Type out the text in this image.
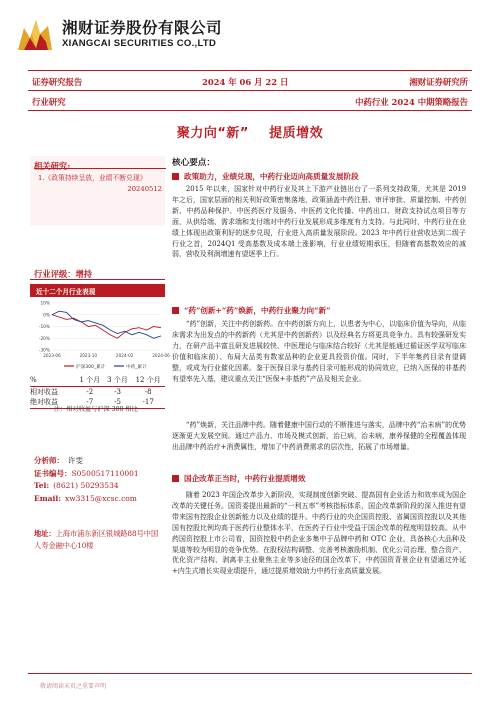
湘财证券股份有限公司
XIANGCAI SECURITIES CO.,LTD
证券研究报告	2024 年 06 月 22 日	湘财证券研究所
行业研究	中药行业 2024 中期策略报告
聚力向“新”    提质增效
相关研究:
1.《政策持续呈放，业绩不断兑现》

20240512
行业评级：增持
近十二个月行业表现
10%
0%
-10%
-20%
-30%
2023-06	2023-10	2024-02	2024-06
沪深300_累计	中药_累计
%	1 个月	3 个月	12 个月
相对收益	-2	-3	-8
绝对收益	-7	-5	-17
注：相对收益与沪深 300 相比
分析师： 许雯
证书编号：S0500517110001
Tel: (8621) 50293534
Email: xw3315@xcsc.com
地址：上海市浦东新区银城路88号中国人寿金融中心10楼
核心要点：
政策助力，业绩兑现，中药行业迈向高质量发展阶段
2015 年以来，国家针对中药行业及其上下游产业链出台了一系列支持政策，尤其是 2019 年之后，国家层面的相关利好政策密集落地，政策涵盖中药注册、审评审批、质量控制、中药创新、中药品种保护、中医药医疗及服务、中医药文化传播、中药出口、财政支持试点项目等方面，从供给端、需求端和支付端对中药行业发展形成多维度有力支持。与此同时，中药行业在业绩上体现出政策利好的逐步兑现，行业进入高质量发展阶段。2023 年中药行业营收达到二级子行业之首，2024Q1 受高基数及成本端上涨影响，行业业绩短期承压，但随着高基数效应的减弱，营收及利润增速有望逐季上行。
“药”创新+“药”焕新，中药行业聚力向“新”
“药”创新，关注中药创新药。在中药创新方向上，以患者为中心，以临床价值为导向，从临床需求为出发点的中药新药（尤其是中药创新药）以及经典名方将更具竞争力。具有较强研发实力，在研产品丰富且研发进展较快、中医理论与临床结合较好（尤其是能通过循证医学双写临床价值和临床前）、布局大品类有数家品种的企业更具投资价值。同时，下半年集药目录有望调整，或成为行业催化因素。鉴于医保目录与基药目录可能形成的协同效应，已纳入医保的非基药有望率先入基，建议重点关注“医保+非基药”产品及相关企业。
“药”焕新，关注品牌中药。随着健康中国行动的不断推进与落实，品牌中药“治未病”的优势逐渐更大发展空间。通过产品力、市场及模式创新，治已病，治未病，康养保健的全程覆盖体现出品牌中药治疗+消费属性，增加了中药消费需求的层次性，拓展了市场增量。
国企改革正当时，中药行业提质增效
随着 2023 年国企改革步入新阶段，实现制度创新突破、提高国有企业活力和效率成为国企改革的关键任务。国资委提出最新的“一利五率”考核指标体系，国企改革新阶段的深入推进有望带来国有控股企业创新能力以及业绩的提升。中药行业的央企国资控股、省属国资控股以及其他国有控股比例均高于医药行业整体水平，在医药子行业中受益于国企改革的程度明显较高。从中药国资控股上市公司看，国资控股中药企业多集中于品牌中药和 OTC 企业，具备核心大品种及渠道等较为明显的竞争优势。在股权结构调整、完善考核激励机制、优化公司治理、整合资产、优化资产结构、剥离非主业聚焦主业等多途径的国企改革下，中药国资背景企业有望通过外延+内生式增长实现业绩提升，通过提质增效助力中药行业高质量发展。
敬请阅读末页之重要声明
